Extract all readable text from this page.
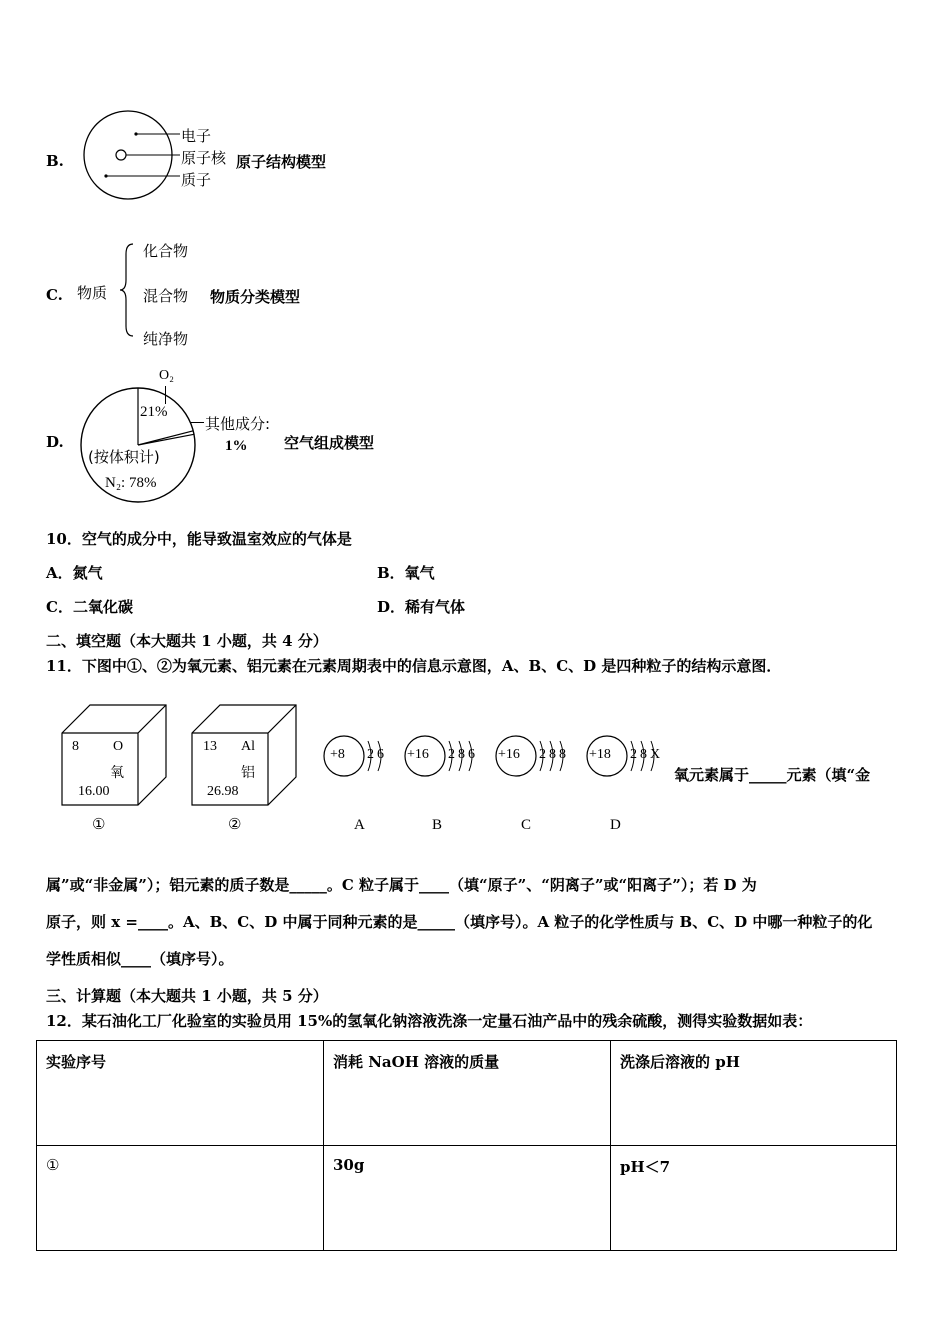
B.
电子
原子核
质子
原子结构模型
C. 物质
化合物
混合物
纯净物
物质分类模型
D.
O₂
21%
其他成分:
1%
(按体积计)
N₂: 78%
空气组成模型
10．空气的成分中，能导致温室效应的气体是
A．氮气	B．氧气
C．二氧化碳	D．稀有气体
二、填空题（本大题共 1 小题，共 4 分）
11．下图中①、②为氧元素、铝元素在元素周期表中的信息示意图，A、B、C、D 是四种粒子的结构示意图．
8 O
氧
16.00
①
13 Al
铝
26.98
②
+8 2 6
A
+16 2 8 6
B
+16 2 8 8
C
+18 2 8 X
D
氧元素属于_____元素（填“金
属”或“非金属”）；铝元素的质子数是_____。C 粒子属于____（填“原子”、“阴离子”或“阳离子”）；若 D 为
原子，则 x =____。A、B、C、D 中属于同种元素的是_____（填序号）。A 粒子的化学性质与 B、C、D 中哪一种粒子的化
学性质相似____（填序号）。
三、计算题（本大题共 1 小题，共 5 分）
12．某石油化工厂化验室的实验员用 15%的氢氧化钠溶液洗涤一定量石油产品中的残余硫酸，测得实验数据如表：
实验序号	消耗 NaOH 溶液的质量	洗涤后溶液的 pH
①	30g	pH＜7
